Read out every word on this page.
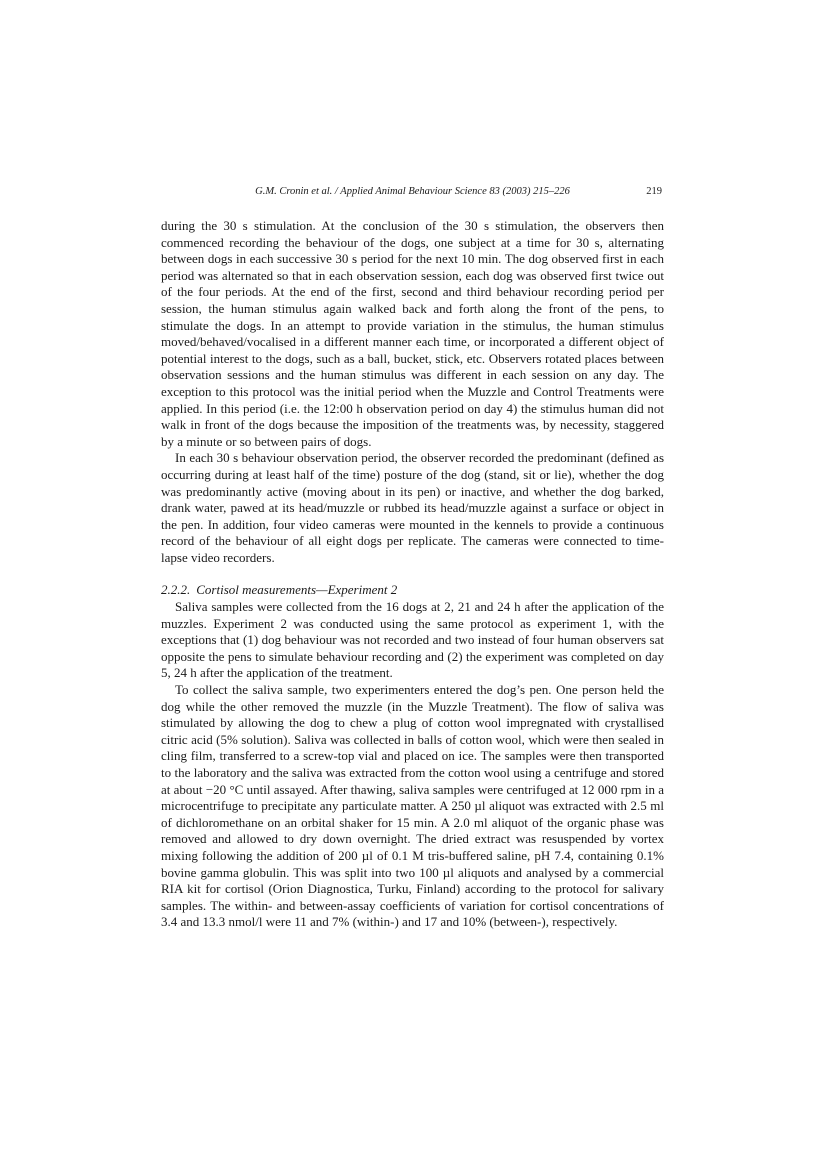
G.M. Cronin et al. / Applied Animal Behaviour Science 83 (2003) 215–226	219

during the 30 s stimulation. At the conclusion of the 30 s stimulation, the observers then commenced recording the behaviour of the dogs, one subject at a time for 30 s, alternating between dogs in each successive 30 s period for the next 10 min. The dog observed first in each period was alternated so that in each observation session, each dog was observed first twice out of the four periods. At the end of the first, second and third behaviour recording period per session, the human stimulus again walked back and forth along the front of the pens, to stimulate the dogs. In an attempt to provide variation in the stimulus, the human stimulus moved/behaved/vocalised in a different manner each time, or incorporated a different object of potential interest to the dogs, such as a ball, bucket, stick, etc. Observers rotated places between observation sessions and the human stimulus was different in each session on any day. The exception to this protocol was the initial period when the Muzzle and Control Treatments were applied. In this period (i.e. the 12:00 h observation period on day 4) the stimulus human did not walk in front of the dogs because the imposition of the treatments was, by necessity, staggered by a minute or so between pairs of dogs.

In each 30 s behaviour observation period, the observer recorded the predominant (defined as occurring during at least half of the time) posture of the dog (stand, sit or lie), whether the dog was predominantly active (moving about in its pen) or inactive, and whether the dog barked, drank water, pawed at its head/muzzle or rubbed its head/muzzle against a surface or object in the pen. In addition, four video cameras were mounted in the kennels to provide a continuous record of the behaviour of all eight dogs per replicate. The cameras were connected to time-lapse video recorders.

2.2.2. Cortisol measurements—Experiment 2

Saliva samples were collected from the 16 dogs at 2, 21 and 24 h after the application of the muzzles. Experiment 2 was conducted using the same protocol as experiment 1, with the exceptions that (1) dog behaviour was not recorded and two instead of four human observers sat opposite the pens to simulate behaviour recording and (2) the experiment was completed on day 5, 24 h after the application of the treatment.

To collect the saliva sample, two experimenters entered the dog’s pen. One person held the dog while the other removed the muzzle (in the Muzzle Treatment). The flow of saliva was stimulated by allowing the dog to chew a plug of cotton wool impregnated with crystallised citric acid (5% solution). Saliva was collected in balls of cotton wool, which were then sealed in cling film, transferred to a screw-top vial and placed on ice. The samples were then transported to the laboratory and the saliva was extracted from the cotton wool using a centrifuge and stored at about −20 °C until assayed. After thawing, saliva samples were centrifuged at 12 000 rpm in a microcentrifuge to precipitate any particulate matter. A 250 µl aliquot was extracted with 2.5 ml of dichloromethane on an orbital shaker for 15 min. A 2.0 ml aliquot of the organic phase was removed and allowed to dry down overnight. The dried extract was resuspended by vortex mixing following the addition of 200 µl of 0.1 M tris-buffered saline, pH 7.4, containing 0.1% bovine gamma globulin. This was split into two 100 µl aliquots and analysed by a commercial RIA kit for cortisol (Orion Diagnostica, Turku, Finland) according to the protocol for salivary samples. The within- and between-assay coefficients of variation for cortisol concentrations of 3.4 and 13.3 nmol/l were 11 and 7% (within-) and 17 and 10% (between-), respectively.
